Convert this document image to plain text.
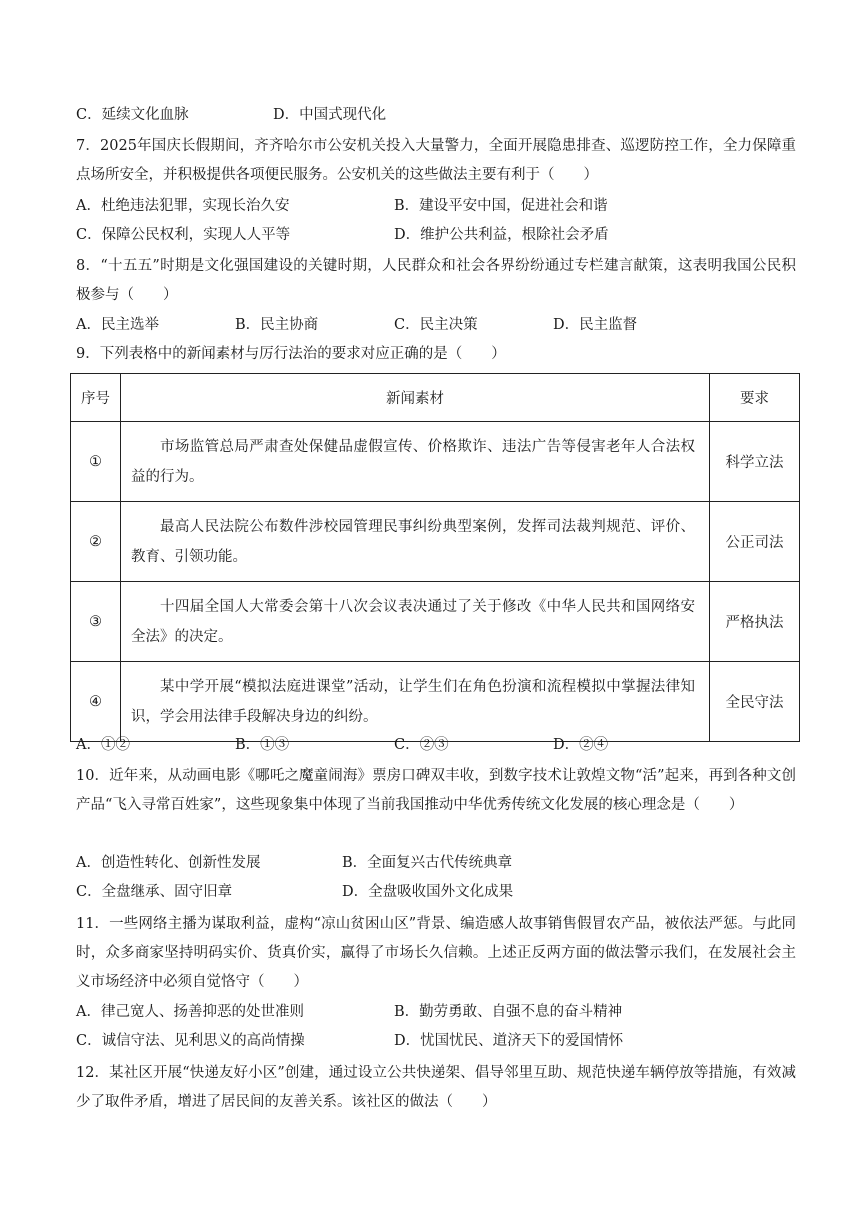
C．延续文化血脉	D．中国式现代化
7．2025年国庆长假期间，齐齐哈尔市公安机关投入大量警力，全面开展隐患排查、巡逻防控工作，全力保障重点场所安全，并积极提供各项便民服务。公安机关的这些做法主要有利于（　　）
A．杜绝违法犯罪，实现长治久安	B．建设平安中国，促进社会和谐
C．保障公民权利，实现人人平等	D．维护公共利益，根除社会矛盾
8．“十五五”时期是文化强国建设的关键时期，人民群众和社会各界纷纷通过专栏建言献策，这表明我国公民积极参与（　　）
A．民主选举	B．民主协商	C．民主决策	D．民主监督
9．下列表格中的新闻素材与厉行法治的要求对应正确的是（　　）
序号	新闻素材	要求
①	市场监管总局严肃查处保健品虚假宣传、价格欺诈、违法广告等侵害老年人合法权益的行为。	科学立法
②	最高人民法院公布数件涉校园管理民事纠纷典型案例，发挥司法裁判规范、评价、教育、引领功能。	公正司法
③	十四届全国人大常委会第十八次会议表决通过了关于修改《中华人民共和国网络安全法》的决定。	严格执法
④	某中学开展“模拟法庭进课堂”活动，让学生们在角色扮演和流程模拟中掌握法律知识，学会用法律手段解决身边的纠纷。	全民守法
A．①②	B．①③	C．②③	D．②④
10．近年来，从动画电影《哪吒之魔童闹海》票房口碑双丰收，到数字技术让敦煌文物“活”起来，再到各种文创产品“飞入寻常百姓家”，这些现象集中体现了当前我国推动中华优秀传统文化发展的核心理念是（　　）
A．创造性转化、创新性发展	B．全面复兴古代传统典章
C．全盘继承、固守旧章	D．全盘吸收国外文化成果
11．一些网络主播为谋取利益，虚构“凉山贫困山区”背景、编造感人故事销售假冒农产品，被依法严惩。与此同时，众多商家坚持明码实价、货真价实，赢得了市场长久信赖。上述正反两方面的做法警示我们，在发展社会主义市场经济中必须自觉恪守（　　）
A．律己宽人、扬善抑恶的处世准则	B．勤劳勇敢、自强不息的奋斗精神
C．诚信守法、见利思义的高尚情操	D．忧国忧民、道济天下的爱国情怀
12．某社区开展“快递友好小区”创建，通过设立公共快递架、倡导邻里互助、规范快递车辆停放等措施，有效减少了取件矛盾，增进了居民间的友善关系。该社区的做法（　　）
